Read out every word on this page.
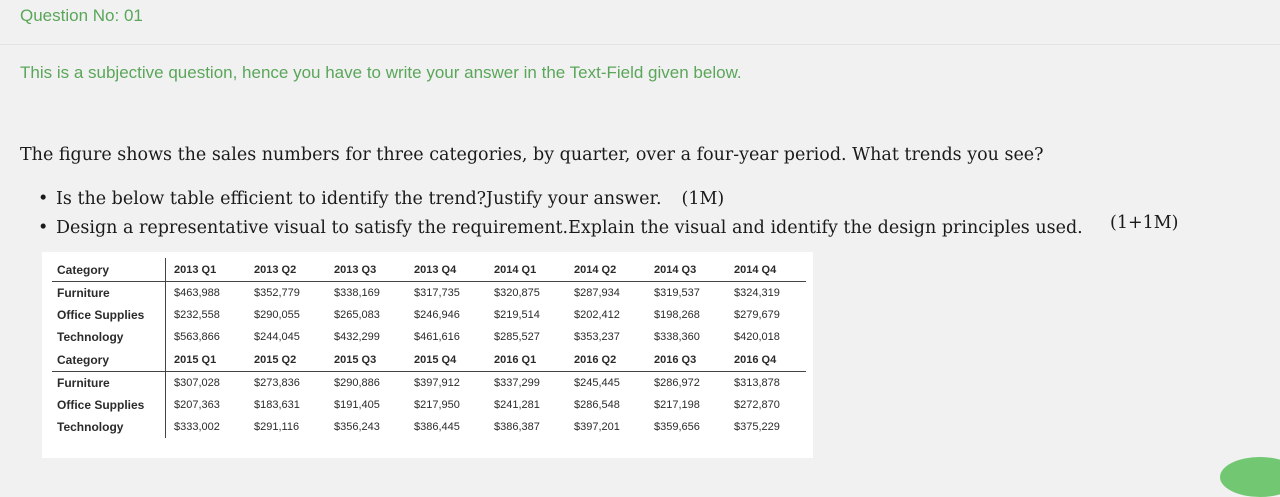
Question No: 01
This is a subjective question, hence you have to write your answer in the Text-Field given below.
The figure shows the sales numbers for three categories, by quarter, over a four-year period. What trends you see?
• Is the below table efficient to identify the trend?Justify your answer. (1M)
• Design a representative visual to satisfy the requirement.Explain the visual and identify the design principles used. (1+1M)
Category	2013 Q1	2013 Q2	2013 Q3	2013 Q4	2014 Q1	2014 Q2	2014 Q3	2014 Q4
Furniture	$463,988	$352,779	$338,169	$317,735	$320,875	$287,934	$319,537	$324,319
Office Supplies	$232,558	$290,055	$265,083	$246,946	$219,514	$202,412	$198,268	$279,679
Technology	$563,866	$244,045	$432,299	$461,616	$285,527	$353,237	$338,360	$420,018
Category	2015 Q1	2015 Q2	2015 Q3	2015 Q4	2016 Q1	2016 Q2	2016 Q3	2016 Q4
Furniture	$307,028	$273,836	$290,886	$397,912	$337,299	$245,445	$286,972	$313,878
Office Supplies	$207,363	$183,631	$191,405	$217,950	$241,281	$286,548	$217,198	$272,870
Technology	$333,002	$291,116	$356,243	$386,445	$386,387	$397,201	$359,656	$375,229
